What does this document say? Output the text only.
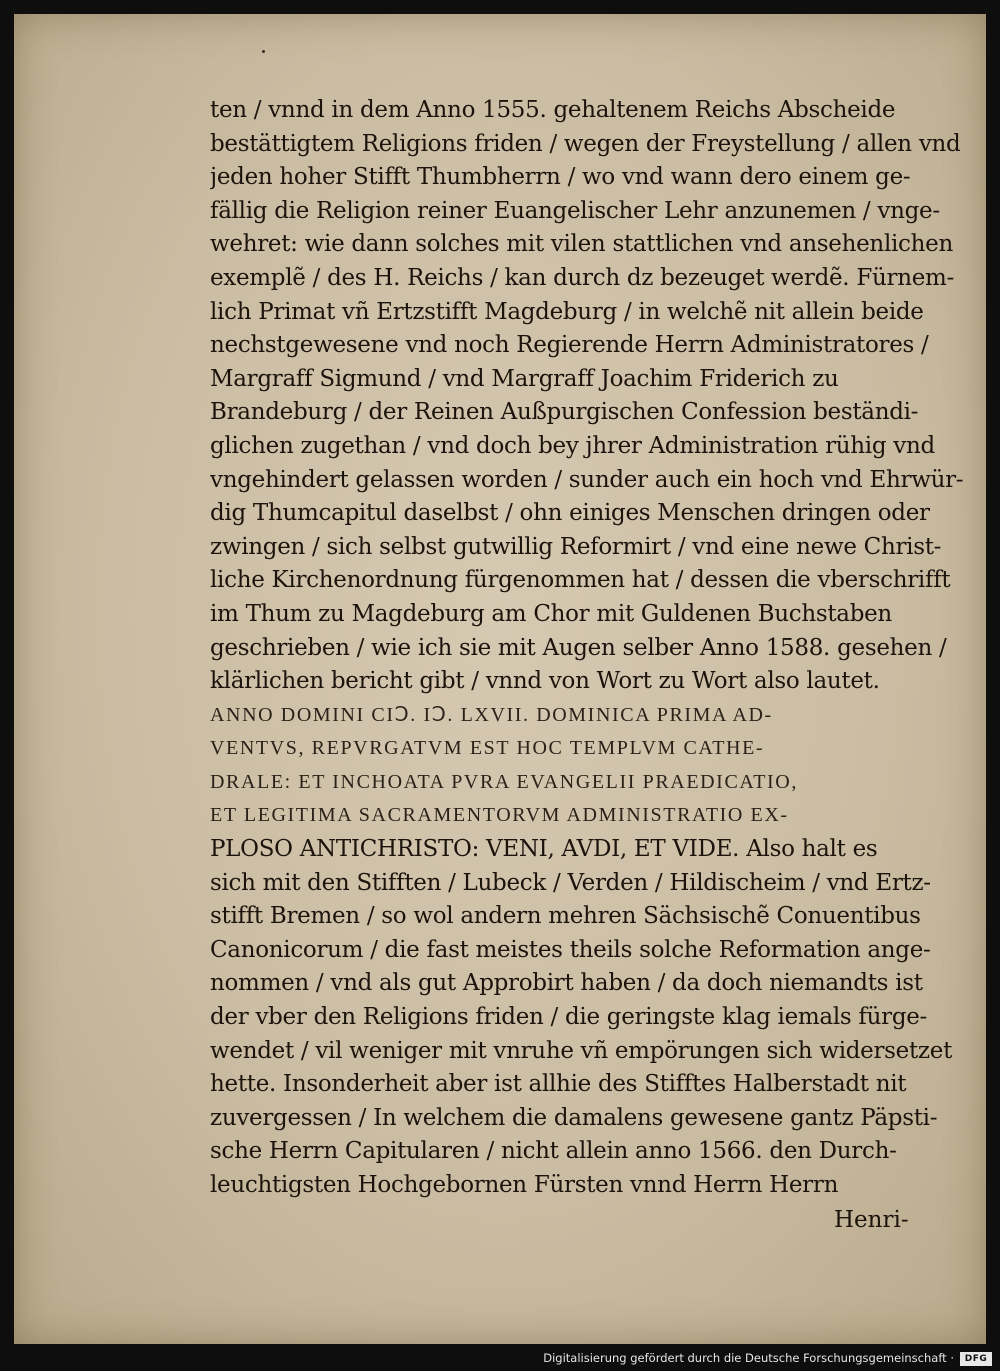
ten / vnnd in dem Anno 1555. gehaltenem Reichs Abscheide
bestättigtem Religions friden / wegen der Freystellung / allen vnd
jeden hoher Stifft Thumbherrn / wo vnd wann dero einem ge-
fällig die Religion reiner Euangelischer Lehr anzunemen / vnge-
wehret: wie dann solches mit vilen stattlichen vnd ansehenlichen
exemplẽ / des H. Reichs / kan durch dz bezeuget werdẽ. Fürnem-
lich Primat vñ Ertzstifft Magdeburg / in welchẽ nit allein beide
nechstgewesene vnd noch Regierende Herrn Administratores /
Margraff Sigmund / vnd Margraff Joachim Friderich zu
Brandeburg / der Reinen Außpurgischen Confession beständi-
glichen zugethan / vnd doch bey jhrer Administration rühig vnd
vngehindert gelassen worden / sunder auch ein hoch vnd Ehrwür-
dig Thumcapitul daselbst / ohn einiges Menschen dringen oder
zwingen / sich selbst gutwillig Reformirt / vnd eine newe Christ-
liche Kirchenordnung fürgenommen hat / dessen die vberschrifft
im Thum zu Magdeburg am Chor mit Guldenen Buchstaben
geschrieben / wie ich sie mit Augen selber Anno 1588. gesehen /
klärlichen bericht gibt / vnnd von Wort zu Wort also lautet.
ANNO DOMINI CIↃ. IↃ. LXVII. DOMINICA PRIMA AD-
VENTVS, REPVRGATVM EST HOC TEMPLVM CATHE-
DRALE: ET INCHOATA PVRA EVANGELII PRAEDICATIO,
ET LEGITIMA SACRAMENTORVM ADMINISTRATIO EX-
PLOSO ANTICHRISTO: VENI, AVDI, ET VIDE. Also halt es
sich mit den Stifften / Lubeck / Verden / Hildischeim / vnd Ertz-
stifft Bremen / so wol andern mehren Sächsischẽ Conuentibus
Canonicorum / die fast meistes theils solche Reformation ange-
nommen / vnd als gut Approbirt haben / da doch niemandts ist
der vber den Religions friden / die geringste klag iemals fürge-
wendet / vil weniger mit vnruhe vñ empörungen sich widersetzet
hette. Insonderheit aber ist allhie des Stifftes Halberstadt nit
zuvergessen / In welchem die damalens gewesene gantz Päpsti-
sche Herrn Capitularen / nicht allein anno 1566. den Durch-
leuchtigsten Hochgebornen Fürsten vnnd Herrn Herrn
Henri-
Digitalisierung gefördert durch die Deutsche Forschungsgemeinschaft ·	DFG
